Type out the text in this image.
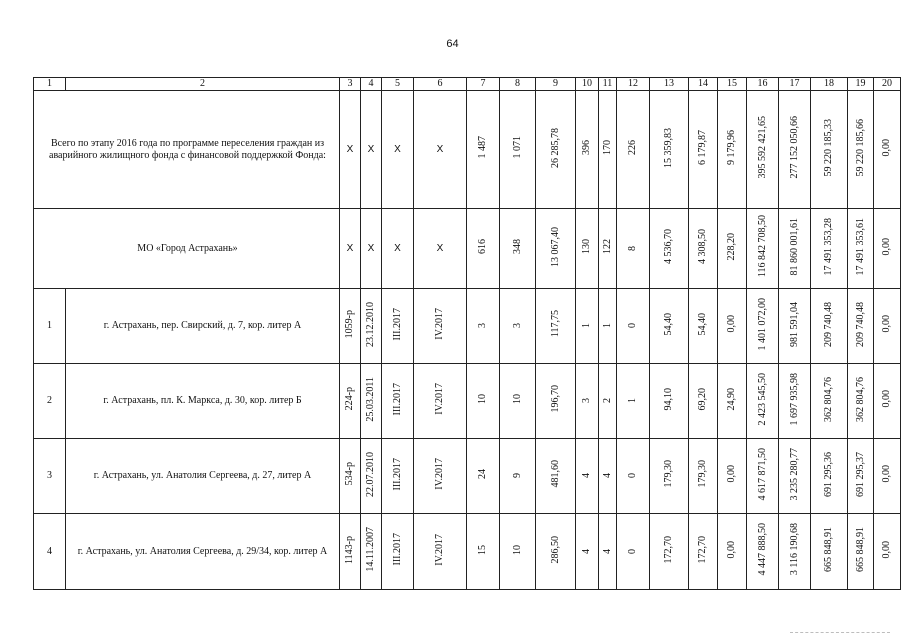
64
1	2	3	4	5	6	7	8	9	10	11	12	13	14	15	16	17	18	19	20
Всего по этапу 2016 года по программе переселения граждан из аварийного жилищного фонда с финансовой поддержкой Фонда:		Х	Х	Х	Х	1 487	1 071	26 285,78	396	170	226	15 359,83	6 179,87	9 179,96	395 592 421,65	277 152 050,66	59 220 185,33	59 220 185,66	0,00
МО «Город Астрахань»		Х	Х	Х	Х	616	348	13 067,40	130	122	8	4 536,70	4 308,50	228,20	116 842 708,50	81 860 001,61	17 491 353,28	17 491 353,61	0,00
1	г. Астрахань, пер. Свирский, д. 7, кор. литер А	1059-р	23.12.2010	III.2017	IV.2017	3	3	117,75	1	1	0	54,40	54,40	0,00	1 401 072,00	981 591,04	209 740,48	209 740,48	0,00
2	г. Астрахань, пл. К. Маркса, д. 30, кор. литер Б	224-р	25.03.2011	III.2017	IV.2017	10	10	196,70	3	2	1	94,10	69,20	24,90	2 423 545,50	1 697 935,98	362 804,76	362 804,76	0,00
3	г. Астрахань, ул. Анатолия Сергеева, д. 27, литер А	534-р	22.07.2010	III.2017	IV.2017	24	9	481,60	4	4	0	179,30	179,30	0,00	4 617 871,50	3 235 280,77	691 295,36	691 295,37	0,00
4	г. Астрахань, ул. Анатолия Сергеева, д. 29/34, кор. литер А	1143-р	14.11.2007	III.2017	IV.2017	15	10	286,50	4	4	0	172,70	172,70	0,00	4 447 888,50	3 116 190,68	665 848,91	665 848,91	0,00
